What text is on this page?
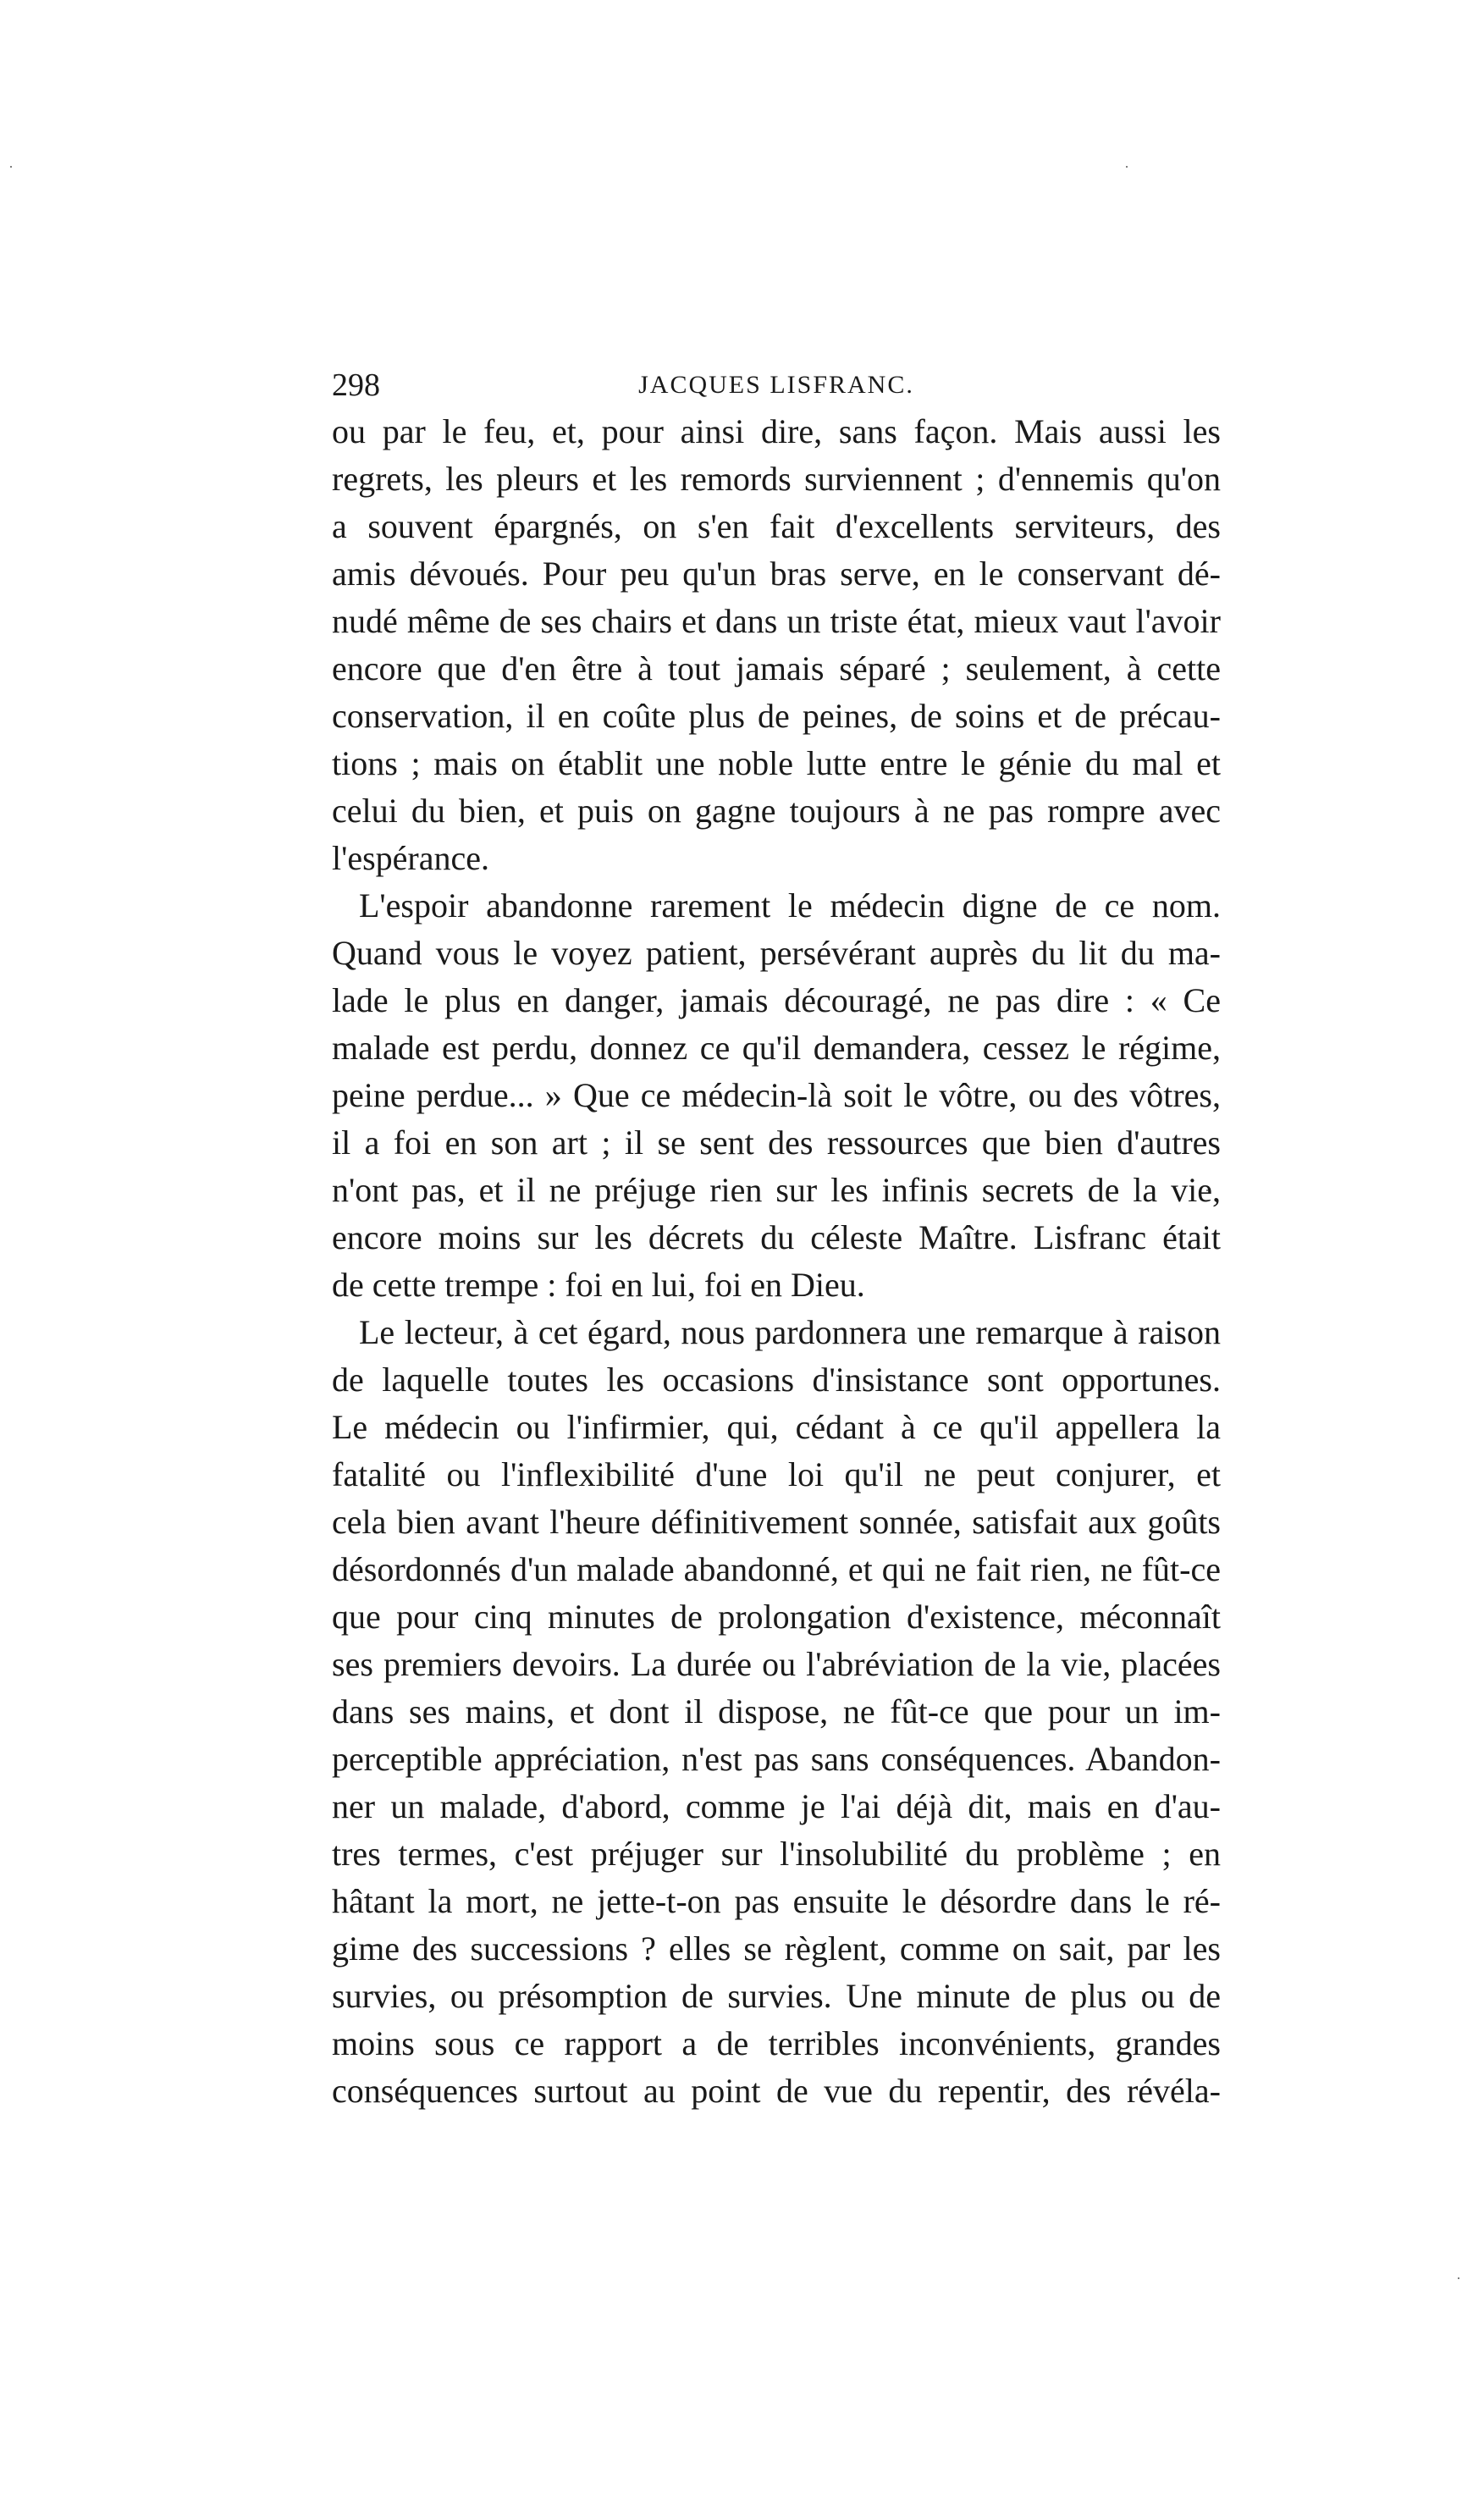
298	JACQUES LISFRANC.
ou par le feu, et, pour ainsi dire, sans façon. Mais aussi les
regrets, les pleurs et les remords surviennent ; d'ennemis qu'on
a souvent épargnés, on s'en fait d'excellents serviteurs, des
amis dévoués. Pour peu qu'un bras serve, en le conservant dé-
nudé même de ses chairs et dans un triste état, mieux vaut l'avoir
encore que d'en être à tout jamais séparé ; seulement, à cette
conservation, il en coûte plus de peines, de soins et de précau-
tions ; mais on établit une noble lutte entre le génie du mal et
celui du bien, et puis on gagne toujours à ne pas rompre avec
l'espérance.
L'espoir abandonne rarement le médecin digne de ce nom.
Quand vous le voyez patient, persévérant auprès du lit du ma-
lade le plus en danger, jamais découragé, ne pas dire : « Ce
malade est perdu, donnez ce qu'il demandera, cessez le régime,
peine perdue... » Que ce médecin-là soit le vôtre, ou des vôtres,
il a foi en son art ; il se sent des ressources que bien d'autres
n'ont pas, et il ne préjuge rien sur les infinis secrets de la vie,
encore moins sur les décrets du céleste Maître. Lisfranc était
de cette trempe : foi en lui, foi en Dieu.
Le lecteur, à cet égard, nous pardonnera une remarque à raison
de laquelle toutes les occasions d'insistance sont opportunes.
Le médecin ou l'infirmier, qui, cédant à ce qu'il appellera la
fatalité ou l'inflexibilité d'une loi qu'il ne peut conjurer, et
cela bien avant l'heure définitivement sonnée, satisfait aux goûts
désordonnés d'un malade abandonné, et qui ne fait rien, ne fût-ce
que pour cinq minutes de prolongation d'existence, méconnaît
ses premiers devoirs. La durée ou l'abréviation de la vie, placées
dans ses mains, et dont il dispose, ne fût-ce que pour un im-
perceptible appréciation, n'est pas sans conséquences. Abandon-
ner un malade, d'abord, comme je l'ai déjà dit, mais en d'au-
tres termes, c'est préjuger sur l'insolubilité du problème ; en
hâtant la mort, ne jette-t-on pas ensuite le désordre dans le ré-
gime des successions ? elles se règlent, comme on sait, par les
survies, ou présomption de survies. Une minute de plus ou de
moins sous ce rapport a de terribles inconvénients, grandes
conséquences surtout au point de vue du repentir, des révéla-
